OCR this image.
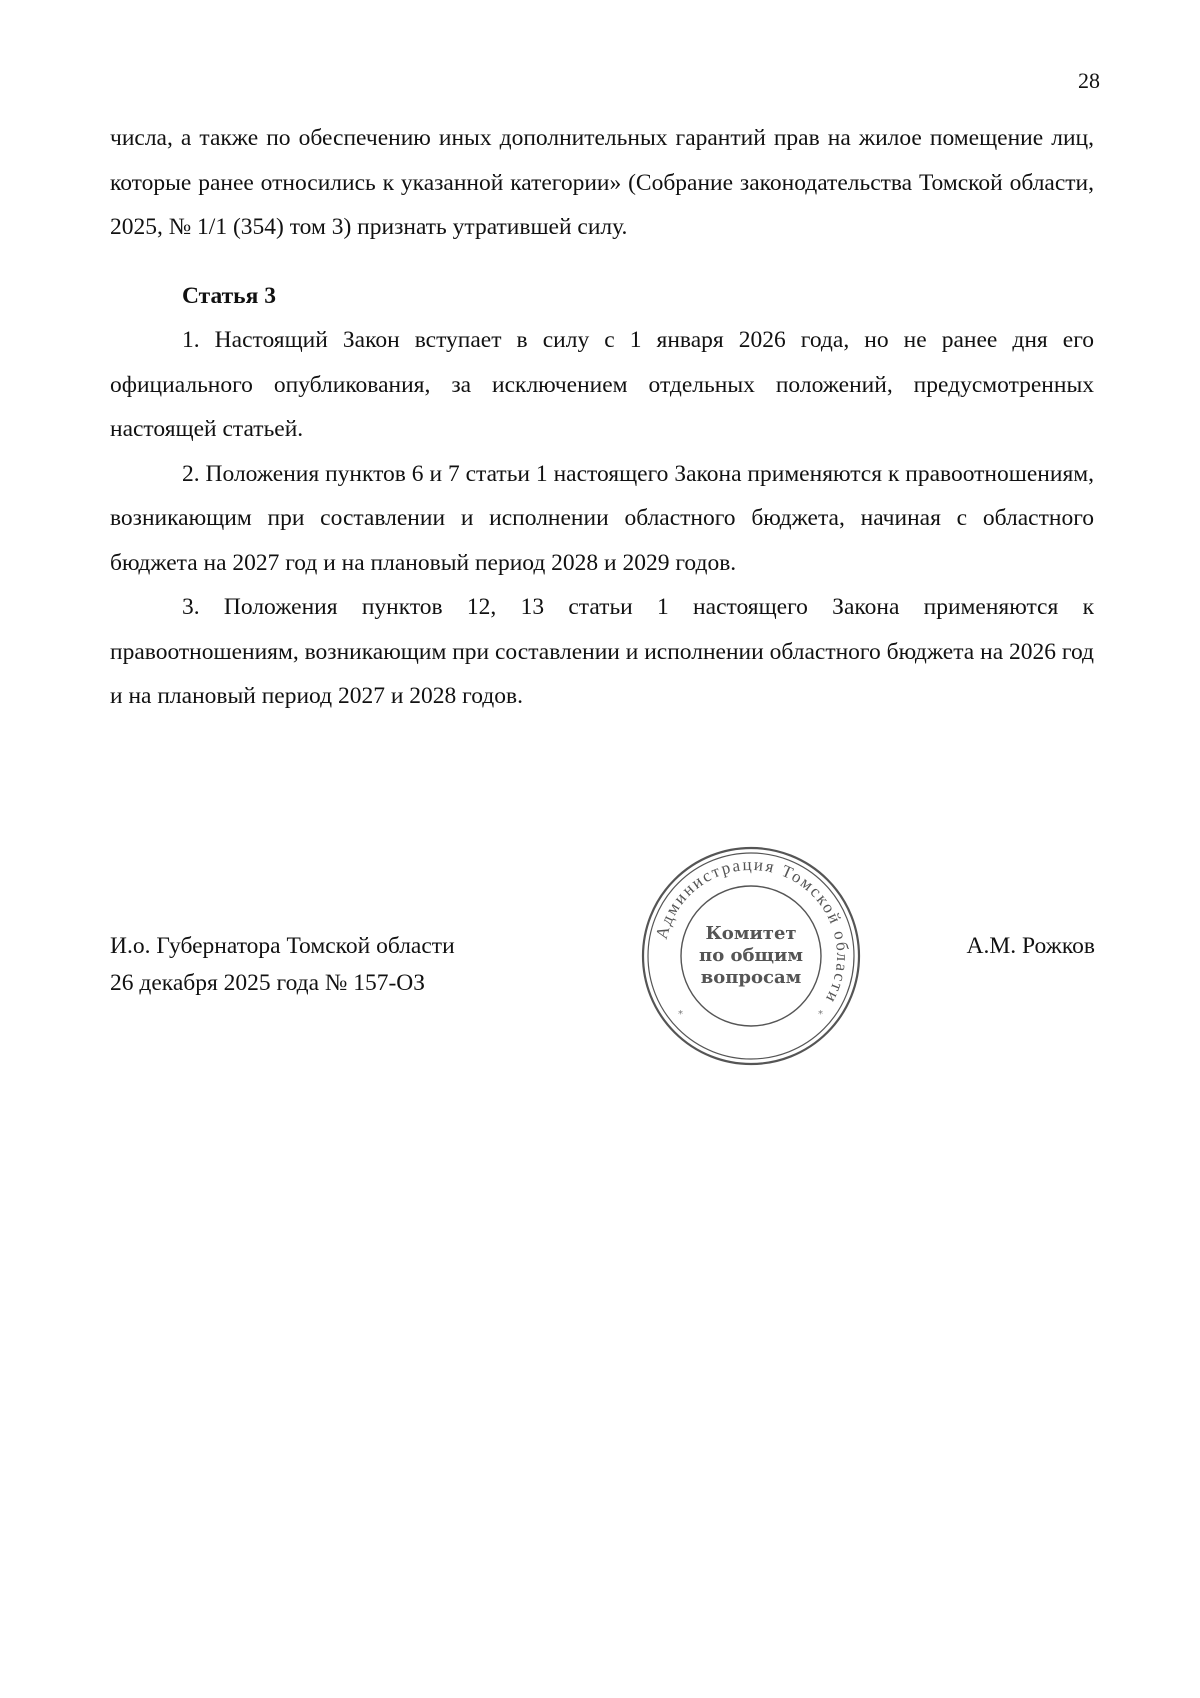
28

числа, а также по обеспечению иных дополнительных гарантий прав на жилое помещение лиц, которые ранее относились к указанной категории» (Собрание законодательства Томской области, 2025, № 1/1 (354) том 3) признать утратившей силу.

Статья 3

1. Настоящий Закон вступает в силу с 1 января 2026 года, но не ранее дня его официального опубликования, за исключением отдельных положений, предусмотренных настоящей статьей.

2. Положения пунктов 6 и 7 статьи 1 настоящего Закона применяются к правоотношениям, возникающим при составлении и исполнении областного бюджета, начиная с областного бюджета на 2027 год и на плановый период 2028 и 2029 годов.

3. Положения пунктов 12, 13 статьи 1 настоящего Закона применяются к правоотношениям, возникающим при составлении и исполнении областного бюджета на 2026 год и на плановый период 2027 и 2028 годов.

И.о. Губернатора Томской области
26 декабря 2025 года № 157-ОЗ
А.М. Рожков
Администрация Томской области
Комитет
по общим
вопросам
*	*
